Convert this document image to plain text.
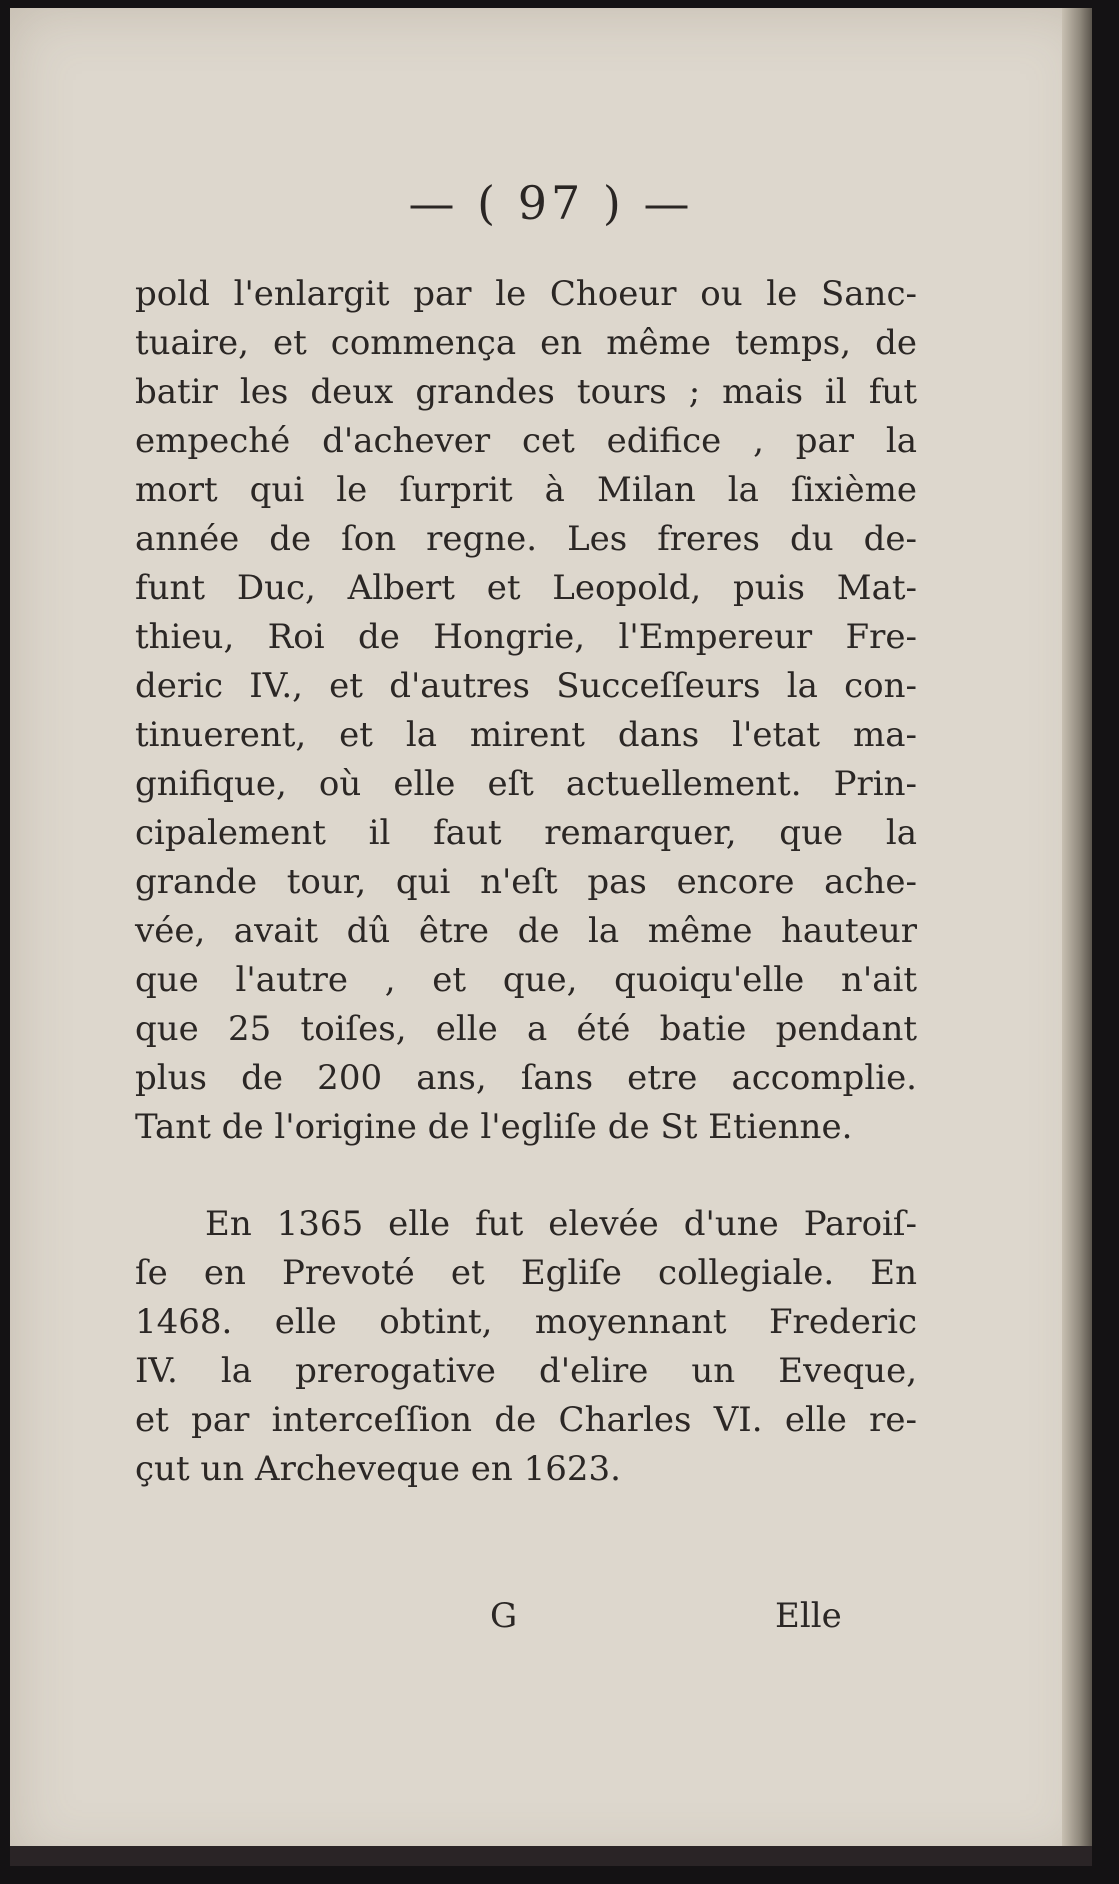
— ( 97 ) —
pold l'enlargit par le Choeur ou le Sanc-
tuaire, et commença en même temps, de
batir les deux grandes tours ; mais il fut
empeché d'achever cet edifice , par la
mort qui le ſurprit à Milan la ſixième
année de ſon regne. Les freres du de-
funt Duc, Albert et Leopold, puis Mat-
thieu, Roi de Hongrie, l'Empereur Fre-
deric IV., et d'autres Succeſſeurs la con-
tinuerent, et la mirent dans l'etat ma-
gnifique, où elle eſt actuellement. Prin-
cipalement il faut remarquer, que la
grande tour, qui n'eſt pas encore ache-
vée, avait dû être de la même hauteur
que l'autre , et que, quoiqu'elle n'ait
que 25 toiſes, elle a été batie pendant
plus de 200 ans, ſans etre accomplie.
Tant de l'origine de l'egliſe de St Etienne.
En 1365 elle fut elevée d'une Paroiſ-
ſe en Prevoté et Egliſe collegiale. En
1468. elle obtint, moyennant Frederic
IV. la prerogative d'elire un Eveque,
et par interceſſion de Charles VI. elle re-
çut un Archeveque en 1623.
G	Elle
